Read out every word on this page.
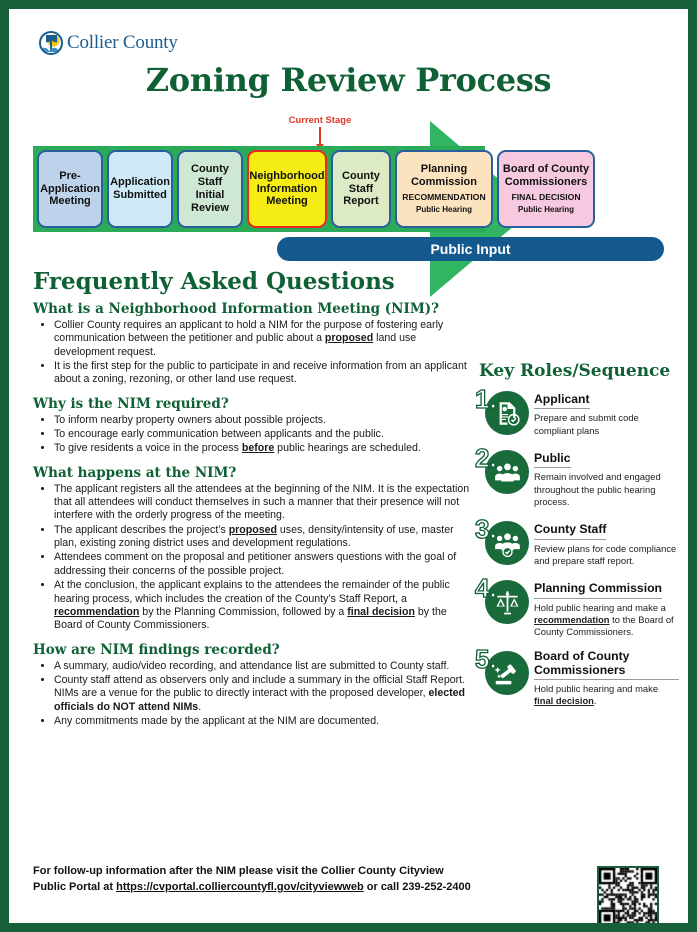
Collier County
Zoning Review Process
Current Stage
Pre-
Application
Meeting
Application
Submitted
County
Staff Initial
Review
Neighborhood
Information
Meeting
County
Staff
Report
Planning
Commission
RECOMMENDATION
Public Hearing
Board of County
Commissioners
FINAL DECISION
Public Hearing
Public Input
Frequently Asked Questions
What is a Neighborhood Information Meeting (NIM)?
• Collier County requires an applicant to hold a NIM for the purpose of fostering early communication between the petitioner and public about a proposed land use development request.
• It is the first step for the public to participate in and receive information from an applicant about a zoning, rezoning, or other land use request.
Why is the NIM required?
• To inform nearby property owners about possible projects.
• To encourage early communication between applicants and the public.
• To give residents a voice in the process before public hearings are scheduled.
What happens at the NIM?
• The applicant registers all the attendees at the beginning of the NIM. It is the expectation that all attendees will conduct themselves in such a manner that their presence will not interfere with the orderly progress of the meeting.
• The applicant describes the project’s proposed uses, density/intensity of use, master plan, existing zoning district uses and development regulations.
• Attendees comment on the proposal and petitioner answers questions with the goal of addressing their concerns of the possible project.
• At the conclusion, the applicant explains to the attendees the remainder of the public hearing process, which includes the creation of the County’s Staff Report, a recommendation by the Planning Commission, followed by a final decision by the Board of County Commissioners.
How are NIM findings recorded?
• A summary, audio/video recording, and attendance list are submitted to County staff.
• County staff attend as observers only and include a summary in the official Staff Report. NIMs are a venue for the public to directly interact with the proposed developer, elected officials do NOT attend NIMs.
• Any commitments made by the applicant at the NIM are documented.
Key Roles/Sequence
1.	Applicant
Prepare and submit code compliant plans
2.	Public
Remain involved and engaged throughout the public hearing process.
3.	County Staff
Review plans for code compliance and prepare staff report.
4.	Planning Commission
Hold public hearing and make a recommendation to the Board of County Commissioners.
5.	Board of County Commissioners
Hold public hearing and make final decision.
For follow-up information after the NIM please visit the Collier County Cityview
Public Portal at https://cvportal.colliercountyfl.gov/cityviewweb or call 239-252-2400
